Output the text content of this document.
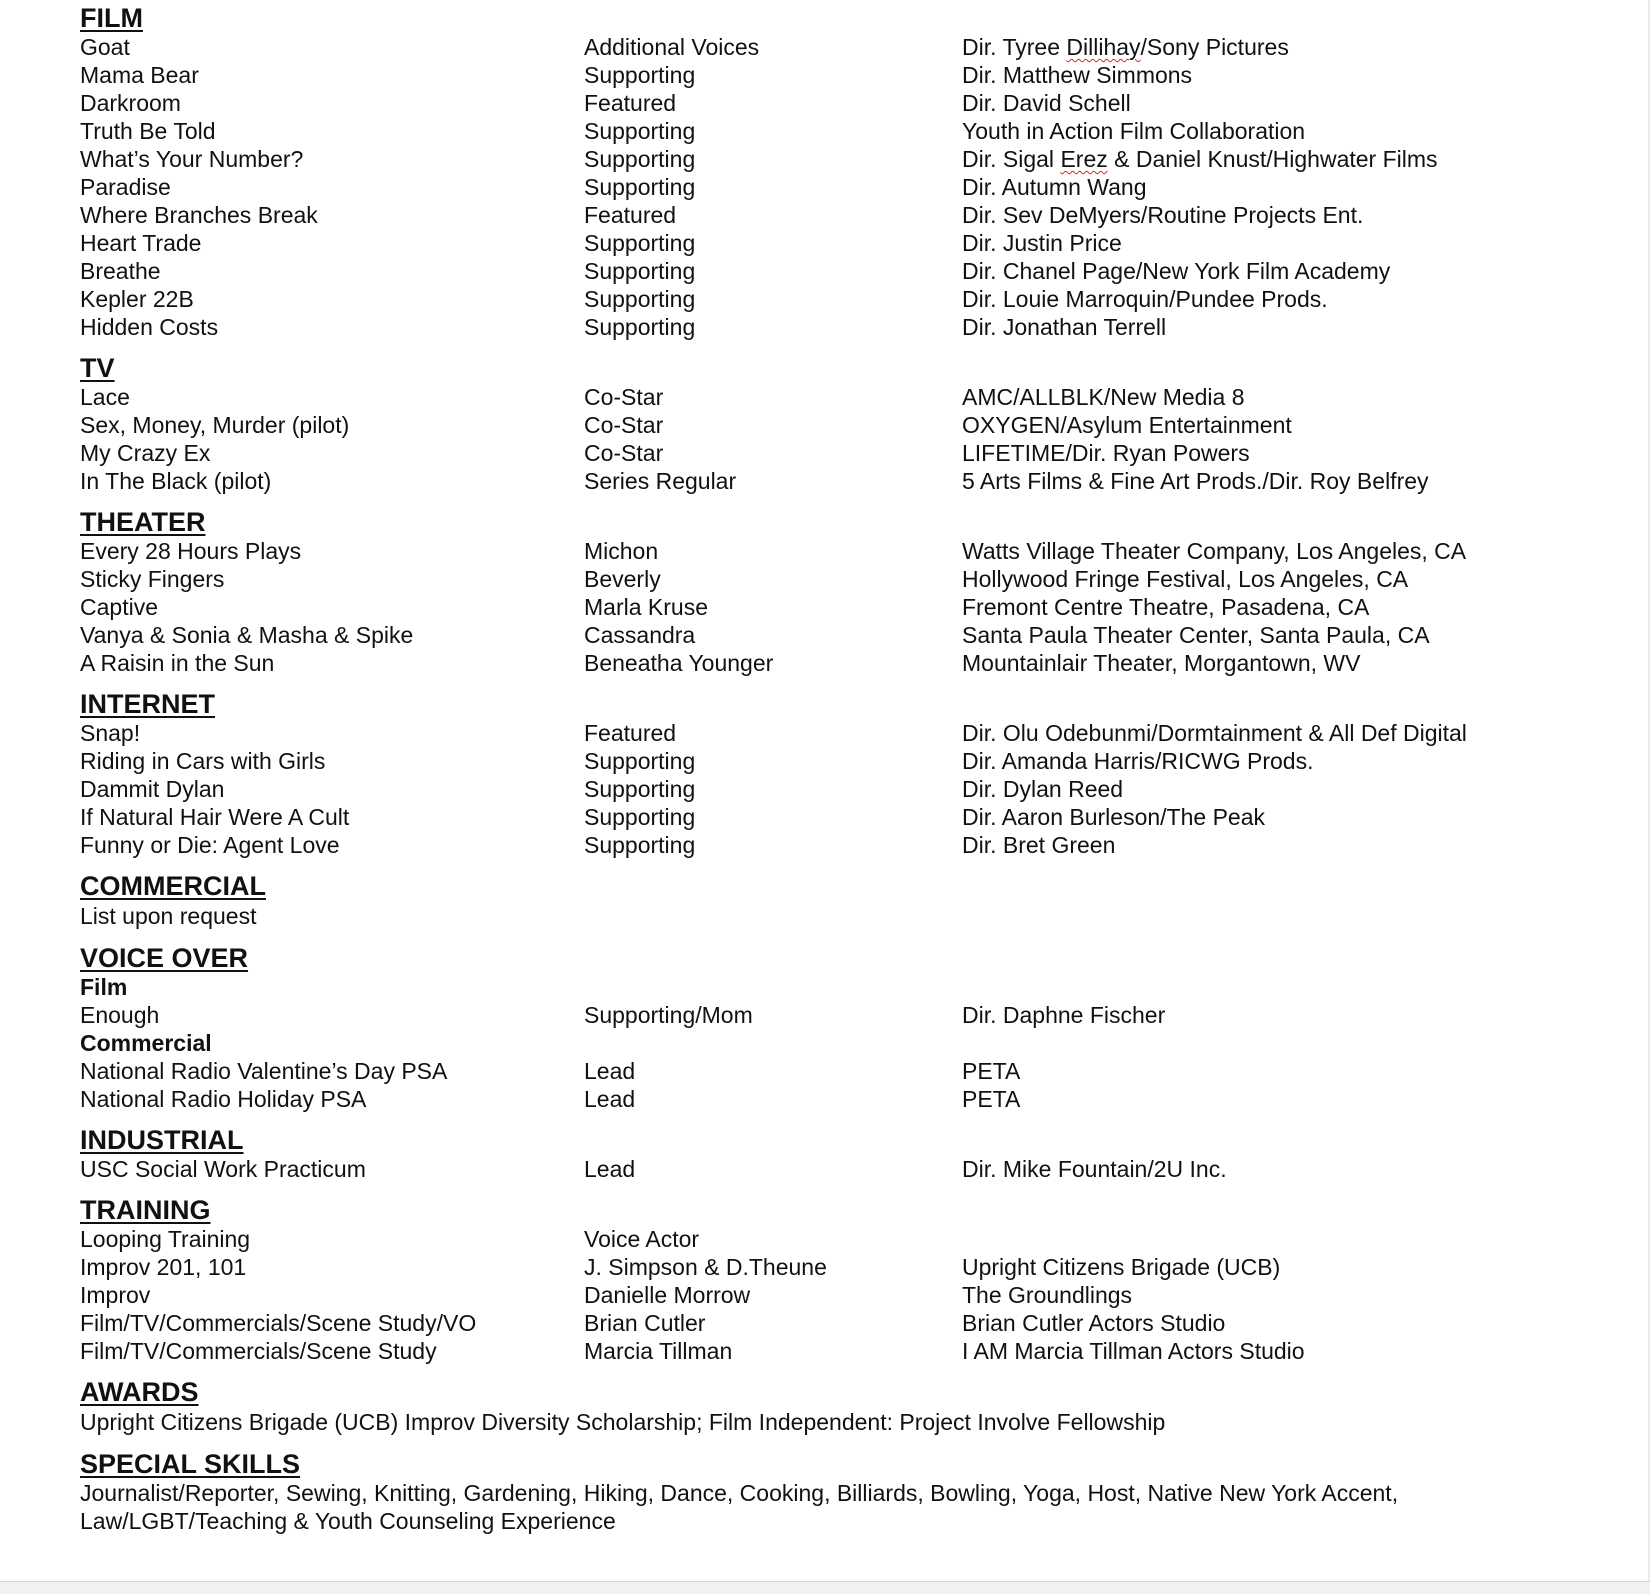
FILM
Goat	Additional Voices	Dir. Tyree Dillihay/Sony Pictures
Mama Bear	Supporting	Dir. Matthew Simmons
Darkroom	Featured	Dir. David Schell
Truth Be Told	Supporting	Youth in Action Film Collaboration
What’s Your Number?	Supporting	Dir. Sigal Erez & Daniel Knust/Highwater Films
Paradise	Supporting	Dir. Autumn Wang
Where Branches Break	Featured	Dir. Sev DeMyers/Routine Projects Ent.
Heart Trade	Supporting	Dir. Justin Price
Breathe	Supporting	Dir. Chanel Page/New York Film Academy
Kepler 22B	Supporting	Dir. Louie Marroquin/Pundee Prods.
Hidden Costs	Supporting	Dir. Jonathan Terrell
TV
Lace	Co-Star	AMC/ALLBLK/New Media 8
Sex, Money, Murder (pilot)	Co-Star	OXYGEN/Asylum Entertainment
My Crazy Ex	Co-Star	LIFETIME/Dir. Ryan Powers
In The Black (pilot)	Series Regular	5 Arts Films & Fine Art Prods./Dir. Roy Belfrey
THEATER
Every 28 Hours Plays	Michon	Watts Village Theater Company, Los Angeles, CA
Sticky Fingers	Beverly	Hollywood Fringe Festival, Los Angeles, CA
Captive	Marla Kruse	Fremont Centre Theatre, Pasadena, CA
Vanya & Sonia & Masha & Spike	Cassandra	Santa Paula Theater Center, Santa Paula, CA
A Raisin in the Sun	Beneatha Younger	Mountainlair Theater, Morgantown, WV
INTERNET
Snap!	Featured	Dir. Olu Odebunmi/Dormtainment & All Def Digital
Riding in Cars with Girls	Supporting	Dir. Amanda Harris/RICWG Prods.
Dammit Dylan	Supporting	Dir. Dylan Reed
If Natural Hair Were A Cult	Supporting	Dir. Aaron Burleson/The Peak
Funny or Die: Agent Love	Supporting	Dir. Bret Green
COMMERCIAL
List upon request
VOICE OVER
Film
Enough	Supporting/Mom	Dir. Daphne Fischer
Commercial
National Radio Valentine’s Day PSA	Lead	PETA
National Radio Holiday PSA	Lead	PETA
INDUSTRIAL
USC Social Work Practicum	Lead	Dir. Mike Fountain/2U Inc.
TRAINING
Looping Training	Voice Actor
Improv 201, 101	J. Simpson & D.Theune	Upright Citizens Brigade (UCB)
Improv	Danielle Morrow	The Groundlings
Film/TV/Commercials/Scene Study/VO	Brian Cutler	Brian Cutler Actors Studio
Film/TV/Commercials/Scene Study	Marcia Tillman	I AM Marcia Tillman Actors Studio
AWARDS
Upright Citizens Brigade (UCB) Improv Diversity Scholarship; Film Independent: Project Involve Fellowship
SPECIAL SKILLS
Journalist/Reporter, Sewing, Knitting, Gardening, Hiking, Dance, Cooking, Billiards, Bowling, Yoga, Host, Native New York Accent, Law/LGBT/Teaching & Youth Counseling Experience
